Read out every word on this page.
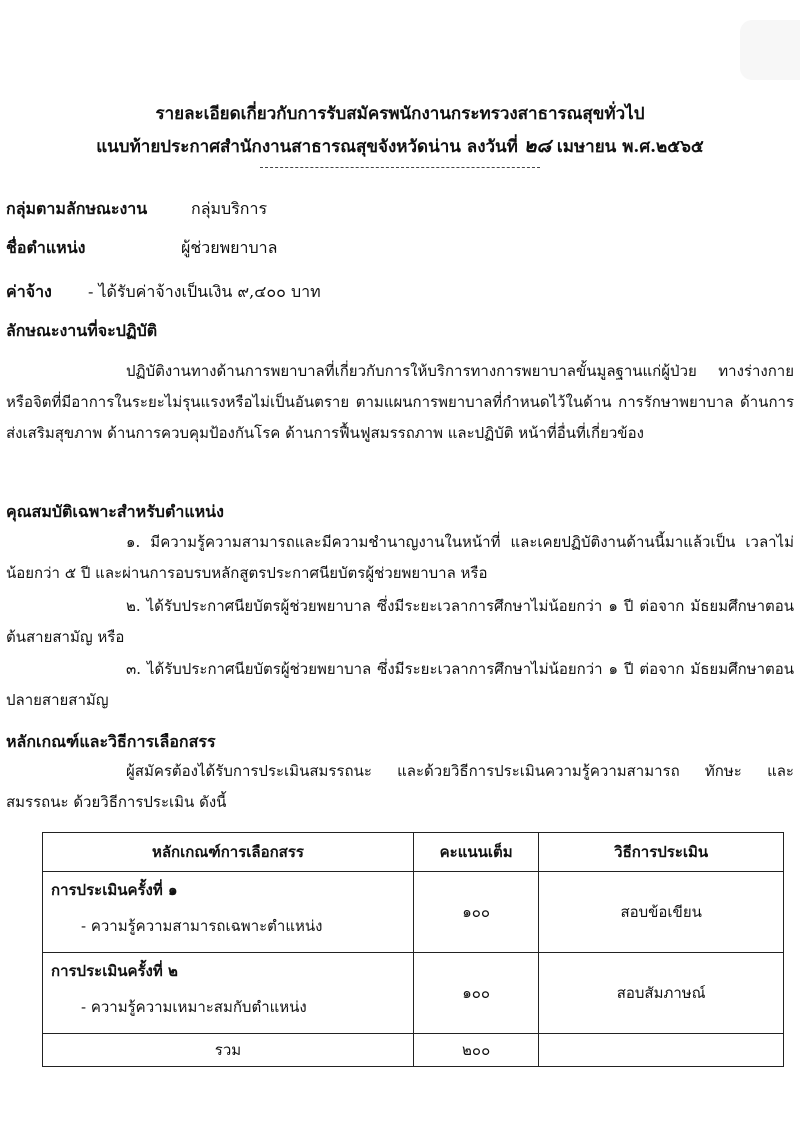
รายละเอียดเกี่ยวกับการรับสมัครพนักงานกระทรวงสาธารณสุขทั่วไป
แนบท้ายประกาศสำนักงานสาธารณสุขจังหวัดน่าน ลงวันที่ ๒๘ เมษายน พ.ศ.๒๕๖๕
กลุ่มตามลักษณะงาน	กลุ่มบริการ
ชื่อตำแหน่ง	ผู้ช่วยพยาบาล
ค่าจ้าง - ได้รับค่าจ้างเป็นเงิน ๙,๔๐๐ บาท
ลักษณะงานที่จะปฏิบัติ
ปฏิบัติงานทางด้านการพยาบาลที่เกี่ยวกับการให้บริการทางการพยาบาลขั้นมูลฐานแก่ผู้ป่วย ทางร่างกายหรือจิตที่มีอาการในระยะไม่รุนแรงหรือไม่เป็นอันตราย ตามแผนการพยาบาลที่กำหนดไว้ในด้าน การรักษาพยาบาล ด้านการส่งเสริมสุขภาพ ด้านการควบคุมป้องกันโรค ด้านการฟื้นฟูสมรรถภาพ และปฏิบัติ หน้าที่อื่นที่เกี่ยวข้อง
คุณสมบัติเฉพาะสำหรับตำแหน่ง
๑. มีความรู้ความสามารถและมีความชำนาญงานในหน้าที่ และเคยปฏิบัติงานด้านนี้มาแล้วเป็น เวลาไม่น้อยกว่า ๕ ปี และผ่านการอบรบหลักสูตรประกาศนียบัตรผู้ช่วยพยาบาล หรือ
๒. ได้รับประกาศนียบัตรผู้ช่วยพยาบาล ซึ่งมีระยะเวลาการศึกษาไม่น้อยกว่า ๑ ปี ต่อจาก มัธยมศึกษาตอนต้นสายสามัญ หรือ
๓. ได้รับประกาศนียบัตรผู้ช่วยพยาบาล ซึ่งมีระยะเวลาการศึกษาไม่น้อยกว่า ๑ ปี ต่อจาก มัธยมศึกษาตอนปลายสายสามัญ
หลักเกณฑ์และวิธีการเลือกสรร
ผู้สมัครต้องได้รับการประเมินสมรรถนะ และด้วยวิธีการประเมินความรู้ความสามารถ ทักษะ และสมรรถนะ ด้วยวิธีการประเมิน ดังนี้
หลักเกณฑ์การเลือกสรร	คะแนนเต็ม	วิธีการประเมิน

การประเมินครั้งที่ ๑
- ความรู้ความสามารถเฉพาะตำแหน่ง	๑๐๐	สอบข้อเขียน

การประเมินครั้งที่ ๒
- ความรู้ความเหมาะสมกับตำแหน่ง	๑๐๐	สอบสัมภาษณ์
รวม	๒๐๐	
